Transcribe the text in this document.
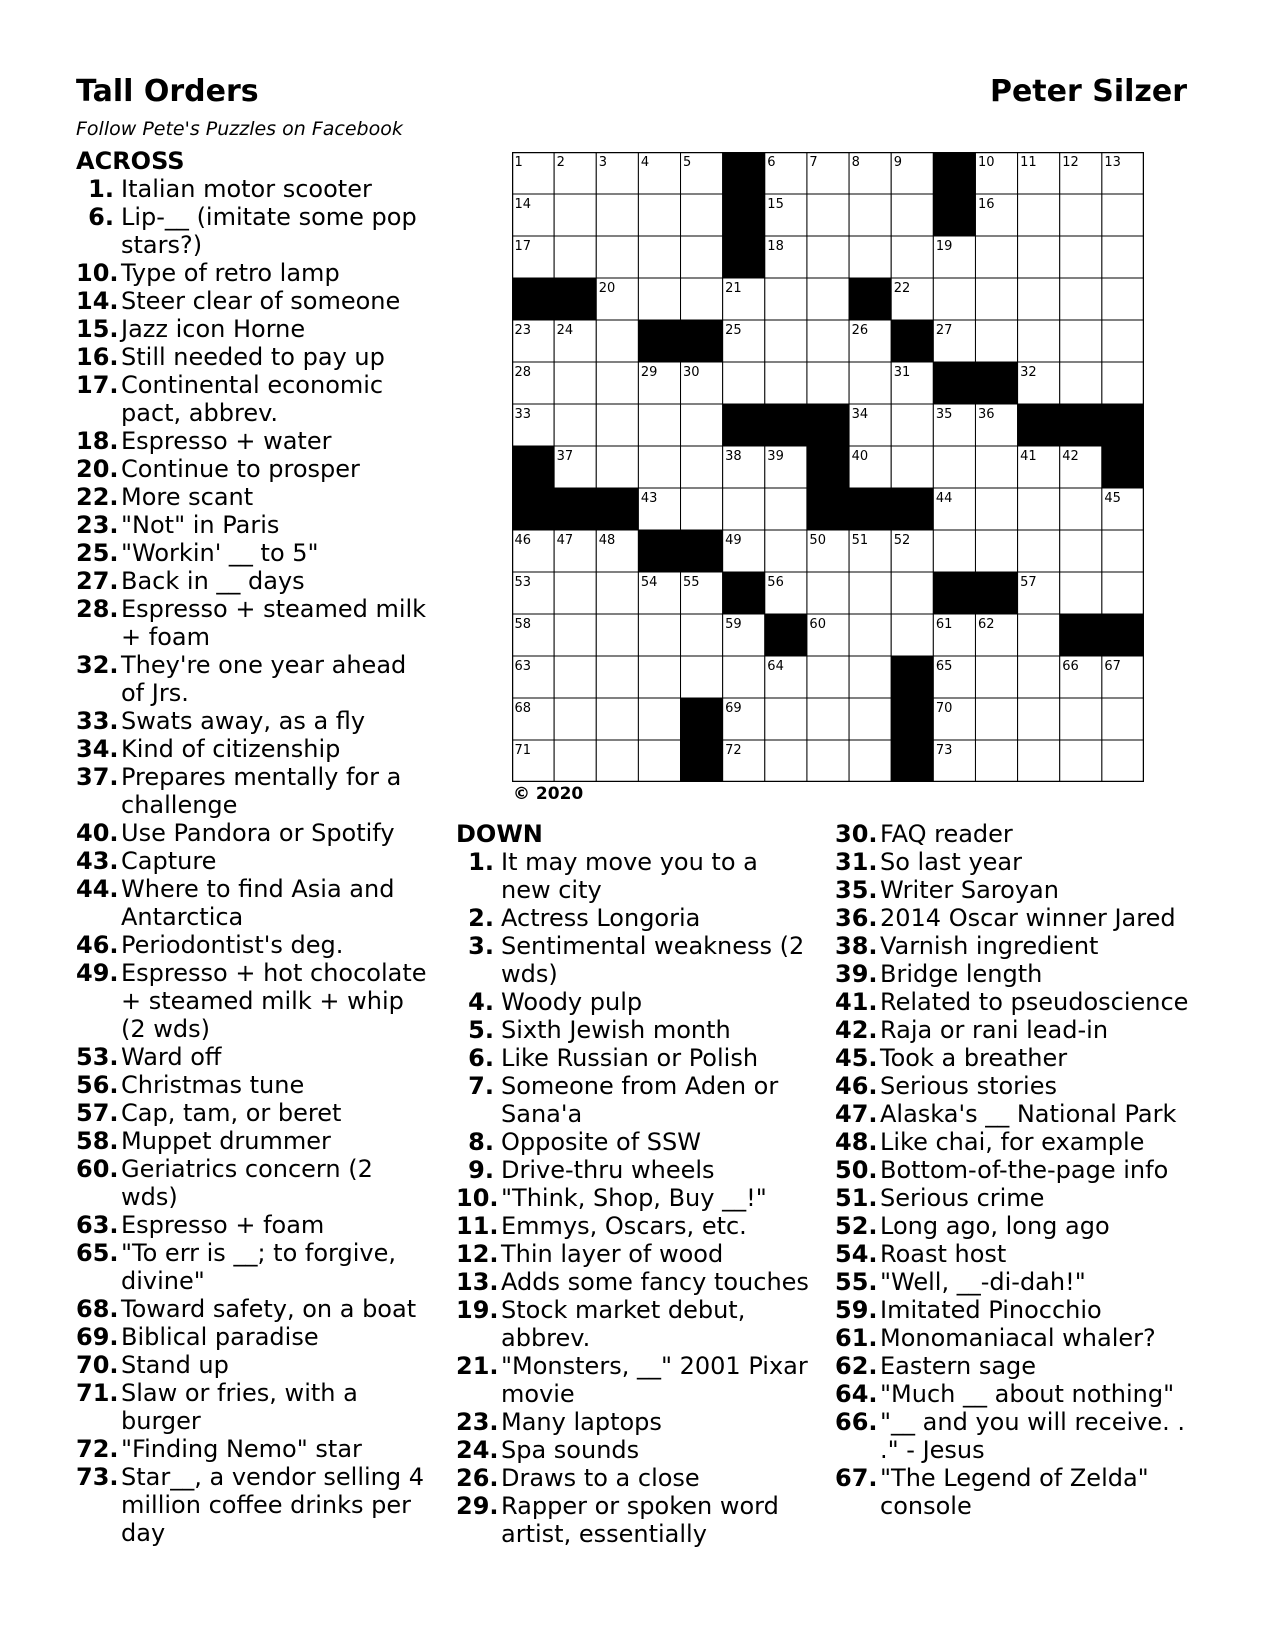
Tall Orders	Peter Silzer
Follow Pete's Puzzles on Facebook
ACROSS
1. Italian motor scooter
6. Lip-__ (imitate some pop stars?)
10. Type of retro lamp
14. Steer clear of someone
15. Jazz icon Horne
16. Still needed to pay up
17. Continental economic pact, abbrev.
18. Espresso + water
20. Continue to prosper
22. More scant
23. "Not" in Paris
25. "Workin' __ to 5"
27. Back in __ days
28. Espresso + steamed milk + foam
32. They're one year ahead of Jrs.
33. Swats away, as a fly
34. Kind of citizenship
37. Prepares mentally for a challenge
40. Use Pandora or Spotify
43. Capture
44. Where to find Asia and Antarctica
46. Periodontist's deg.
49. Espresso + hot chocolate + steamed milk + whip (2 wds)
53. Ward off
56. Christmas tune
57. Cap, tam, or beret
58. Muppet drummer
60. Geriatrics concern (2 wds)
63. Espresso + foam
65. "To err is __; to forgive, divine"
68. Toward safety, on a boat
69. Biblical paradise
70. Stand up
71. Slaw or fries, with a burger
72. "Finding Nemo" star
73. Star__, a vendor selling 4 million coffee drinks per day
1	2	3	4	5	6	7	8	9	10 11 12 13
14	15	16
17	18	19
20	21	22
23 24	25	26	27
28	29 30	31	32
33	34	35 36
37	38 39	40	41 42
43	44	45
46 47 48	49	50 51 52
53	54 55	56	57
58	59	60	61 62
63	64	65	66 67
68	69	70
71	72	73
© 2020
DOWN
1. It may move you to a new city
2. Actress Longoria
3. Sentimental weakness (2 wds)
4. Woody pulp
5. Sixth Jewish month
6. Like Russian or Polish
7. Someone from Aden or Sana'a
8. Opposite of SSW
9. Drive-thru wheels
10. "Think, Shop, Buy __!"
11. Emmys, Oscars, etc.
12. Thin layer of wood
13. Adds some fancy touches
19. Stock market debut, abbrev.
21. "Monsters, __" 2001 Pixar movie
23. Many laptops
24. Spa sounds
26. Draws to a close
29. Rapper or spoken word artist, essentially
30. FAQ reader
31. So last year
35. Writer Saroyan
36. 2014 Oscar winner Jared
38. Varnish ingredient
39. Bridge length
41. Related to pseudoscience
42. Raja or rani lead-in
45. Took a breather
46. Serious stories
47. Alaska's __ National Park
48. Like chai, for example
50. Bottom-of-the-page info
51. Serious crime
52. Long ago, long ago
54. Roast host
55. "Well, __-di-dah!"
59. Imitated Pinocchio
61. Monomaniacal whaler?
62. Eastern sage
64. "Much __ about nothing"
66. "__ and you will receive. . ." - Jesus
67. "The Legend of Zelda" console
